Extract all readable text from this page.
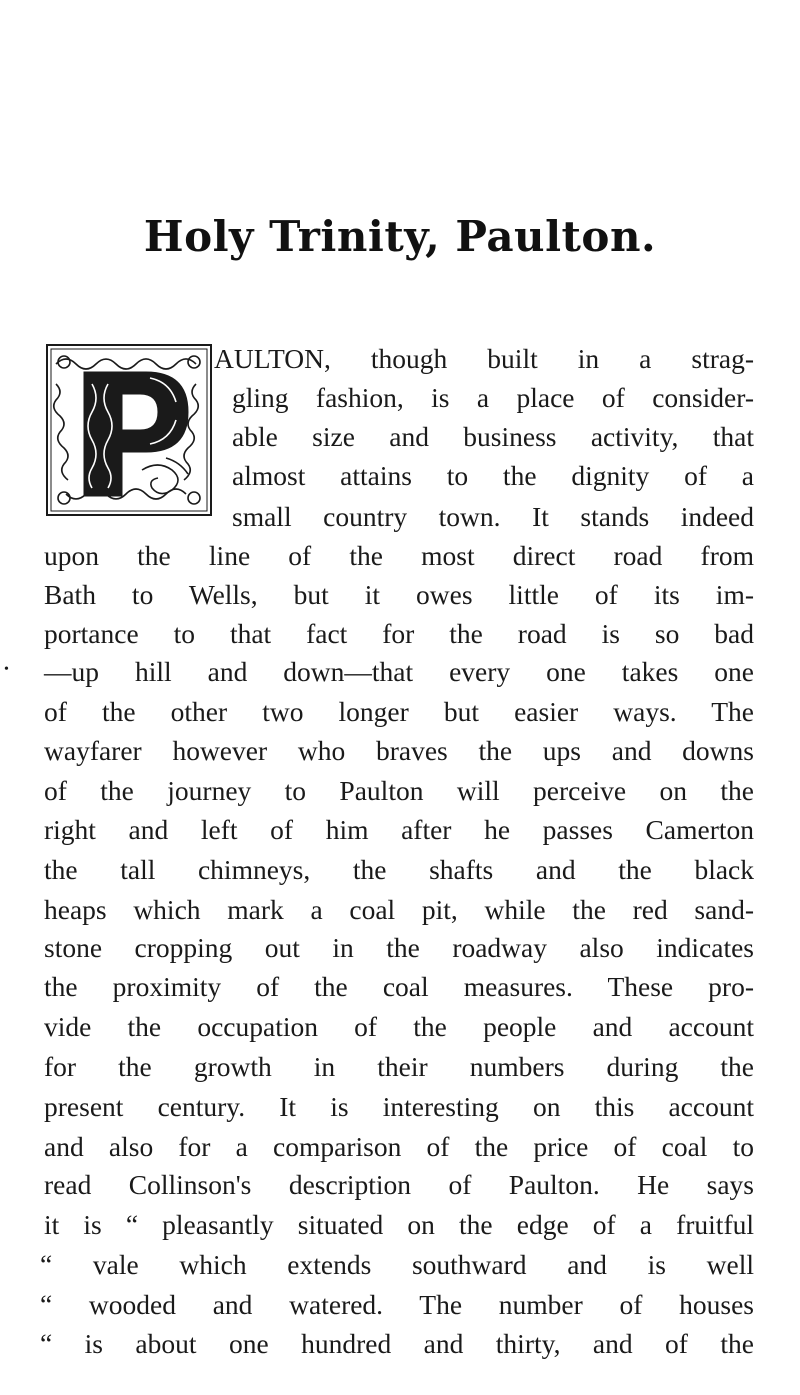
Holy Trinity, Paulton.
•
AULTON, though built in a strag-
gling fashion, is a place of consider-
able size and business activity, that
almost attains to the dignity of a
small country town. It stands indeed
upon the line of the most direct road from
Bath to Wells, but it owes little of its im-
portance to that fact for the road is so bad
—up hill and down—that every one takes one
of the other two longer but easier ways. The
wayfarer however who braves the ups and downs
of the journey to Paulton will perceive on the
right and left of him after he passes Camerton
the tall chimneys, the shafts and the black
heaps which mark a coal pit, while the red sand-
stone cropping out in the roadway also indicates
the proximity of the coal measures. These pro-
vide the occupation of the people and account
for the growth in their numbers during the
present century. It is interesting on this account
and also for a comparison of the price of coal to
read Collinson's description of Paulton. He says
it is “ pleasantly situated on the edge of a fruitful
“ vale which extends southward and is well
“ wooded and watered. The number of houses
“ is about one hundred and thirty, and of the
